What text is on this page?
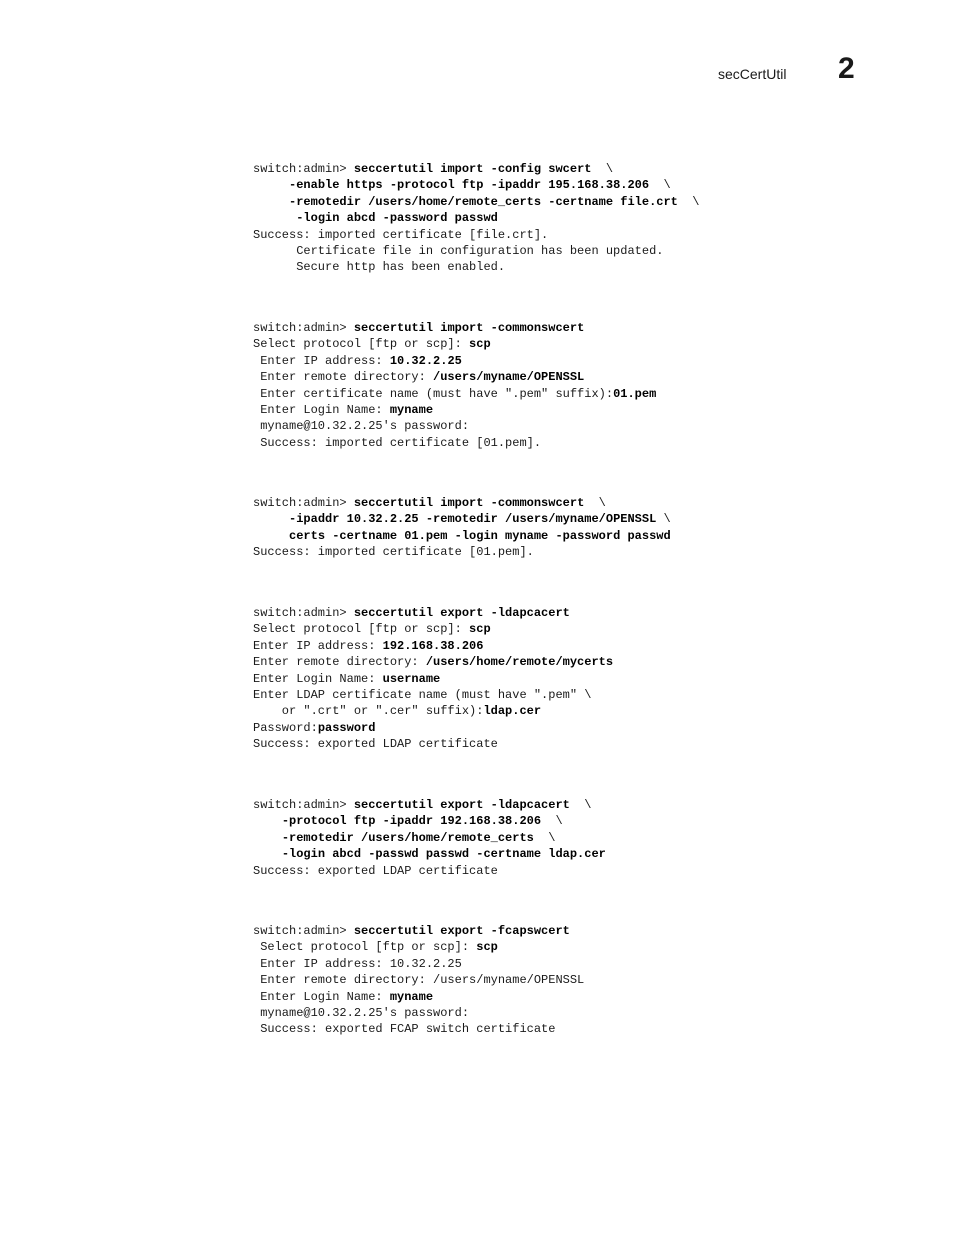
secCertUtil 2
switch:admin> seccertutil import -config swcert  \
-enable https -protocol ftp -ipaddr 195.168.38.206  \
-remotedir /users/home/remote_certs -certname file.crt  \
-login abcd -password passwd
Success: imported certificate [file.crt].
Certificate file in configuration has been updated.
Secure http has been enabled.
switch:admin> seccertutil import -commonswcert
Select protocol [ftp or scp]: scp
Enter IP address: 10.32.2.25
Enter remote directory: /users/myname/OPENSSL
Enter certificate name (must have ".pem" suffix):01.pem
Enter Login Name: myname
myname@10.32.2.25's password:
Success: imported certificate [01.pem].
switch:admin> seccertutil import -commonswcert  \
-ipaddr 10.32.2.25 -remotedir /users/myname/OPENSSL \
certs -certname 01.pem -login myname -password passwd
Success: imported certificate [01.pem].
switch:admin> seccertutil export -ldapcacert
Select protocol [ftp or scp]: scp
Enter IP address: 192.168.38.206
Enter remote directory: /users/home/remote/mycerts
Enter Login Name: username
Enter LDAP certificate name (must have ".pem" \
or ".crt" or ".cer" suffix):ldap.cer
Password:password
Success: exported LDAP certificate
switch:admin> seccertutil export -ldapcacert  \
-protocol ftp -ipaddr 192.168.38.206  \
-remotedir /users/home/remote_certs  \
-login abcd -passwd passwd -certname ldap.cer
Success: exported LDAP certificate
switch:admin> seccertutil export -fcapswcert
Select protocol [ftp or scp]: scp
Enter IP address: 10.32.2.25
Enter remote directory: /users/myname/OPENSSL
Enter Login Name: myname
myname@10.32.2.25's password:
Success: exported FCAP switch certificate
